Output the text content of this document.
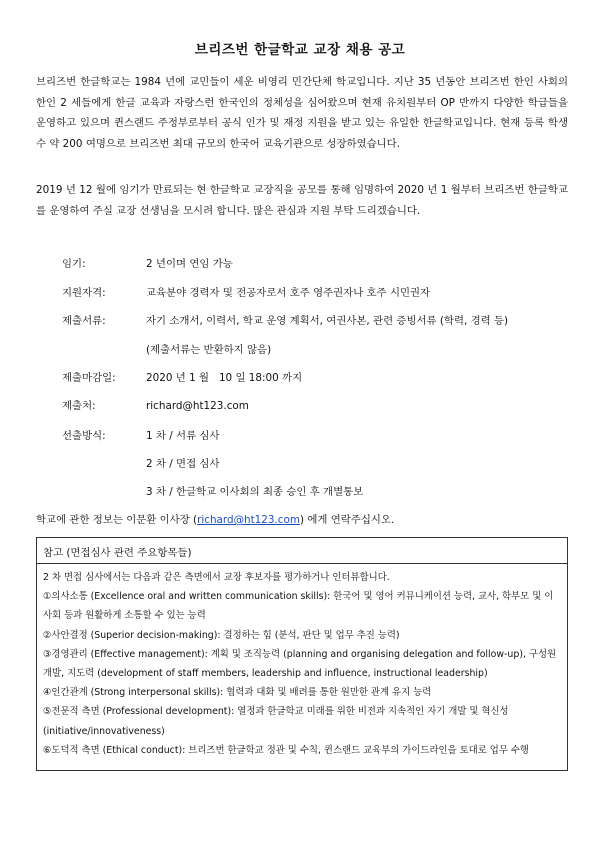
브리즈번 한글학교 교장 채용 공고
브리즈번 한글학교는 1984 년에 교민들이 세운 비영리 민간단체 학교입니다. 지난 35 년동안 브리즈번 한인 사회의 한인 2 세들에게 한글 교육과 자랑스런 한국인의 정체성을 심어왔으며 현재 유치원부터 OP 반까지 다양한 학급들을 운영하고 있으며 퀸스랜드 주정부로부터 공식 인가 및 재정 지원을 받고 있는 유일한 한글학교입니다. 현재 등록 학생 수 약 200 여명으로 브리즈번 최대 규모의 한국어 교육기관으로 성장하였습니다.
2019 년 12 월에 임기가 만료되는 현 한글학교 교장직을 공모를 통해 임명하여 2020 년 1 월부터 브리즈번 한글학교를 운영하여 주실 교장 선생님을 모시려 합니다. 많은 관심과 지원 부탁 드리겠습니다.
임기:	2 년이며 연임 가능
지원자격:	교육분야 경력자 및 전공자로서 호주 영주권자나 호주 시민권자
제출서류:	자기 소개서, 이력서, 학교 운영 계획서, 여권사본, 관련 증빙서류 (학력, 경력 등)
(제출서류는 반환하지 않음)
제출마감일:	2020 년 1 월   10 일 18:00 까지
제출처:	richard@ht123.com
선출방식:	1 차 / 서류 심사
2 차 / 면접 심사
3 차 / 한글학교 이사회의 최종 승인 후 개별통보
학교에 관한 정보는 이문환 이사장 (richard@ht123.com) 에게 연락주십시오.
참고 (면접심사 관련 주요항목들)

2 차 면접 심사에서는 다음과 같은 측면에서 교장 후보자를 평가하거나 인터뷰합니다.

①의사소통 (Excellence oral and written communication skills): 한국어 및 영어 커뮤니케이션 능력, 교사, 학부모 및 이사회 등과 원활하게 소통할 수 있는 능력

②사안결정 (Superior decision-making): 결정하는 힘 (분석, 판단 및 업무 추진 능력)

③경영관리 (Effective management): 계획 및 조직능력 (planning and organising delegation and follow-up), 구성원 개발, 지도력 (development of staff members, leadership and influence, instructional leadership)

④인간관계 (Strong interpersonal skills): 협력과 대화 및 배려를 통한 원만한 관계 유지 능력

⑤전문적 측면 (Professional development): 열정과 한글학교 미래를 위한 비전과 지속적인 자기 개발 및 혁신성 (initiative/innovativeness)

⑥도덕적 측면 (Ethical conduct): 브리즈번 한글학교 정관 및 수칙, 퀸스랜드 교육부의 가이드라인을 토대로 업무 수행
